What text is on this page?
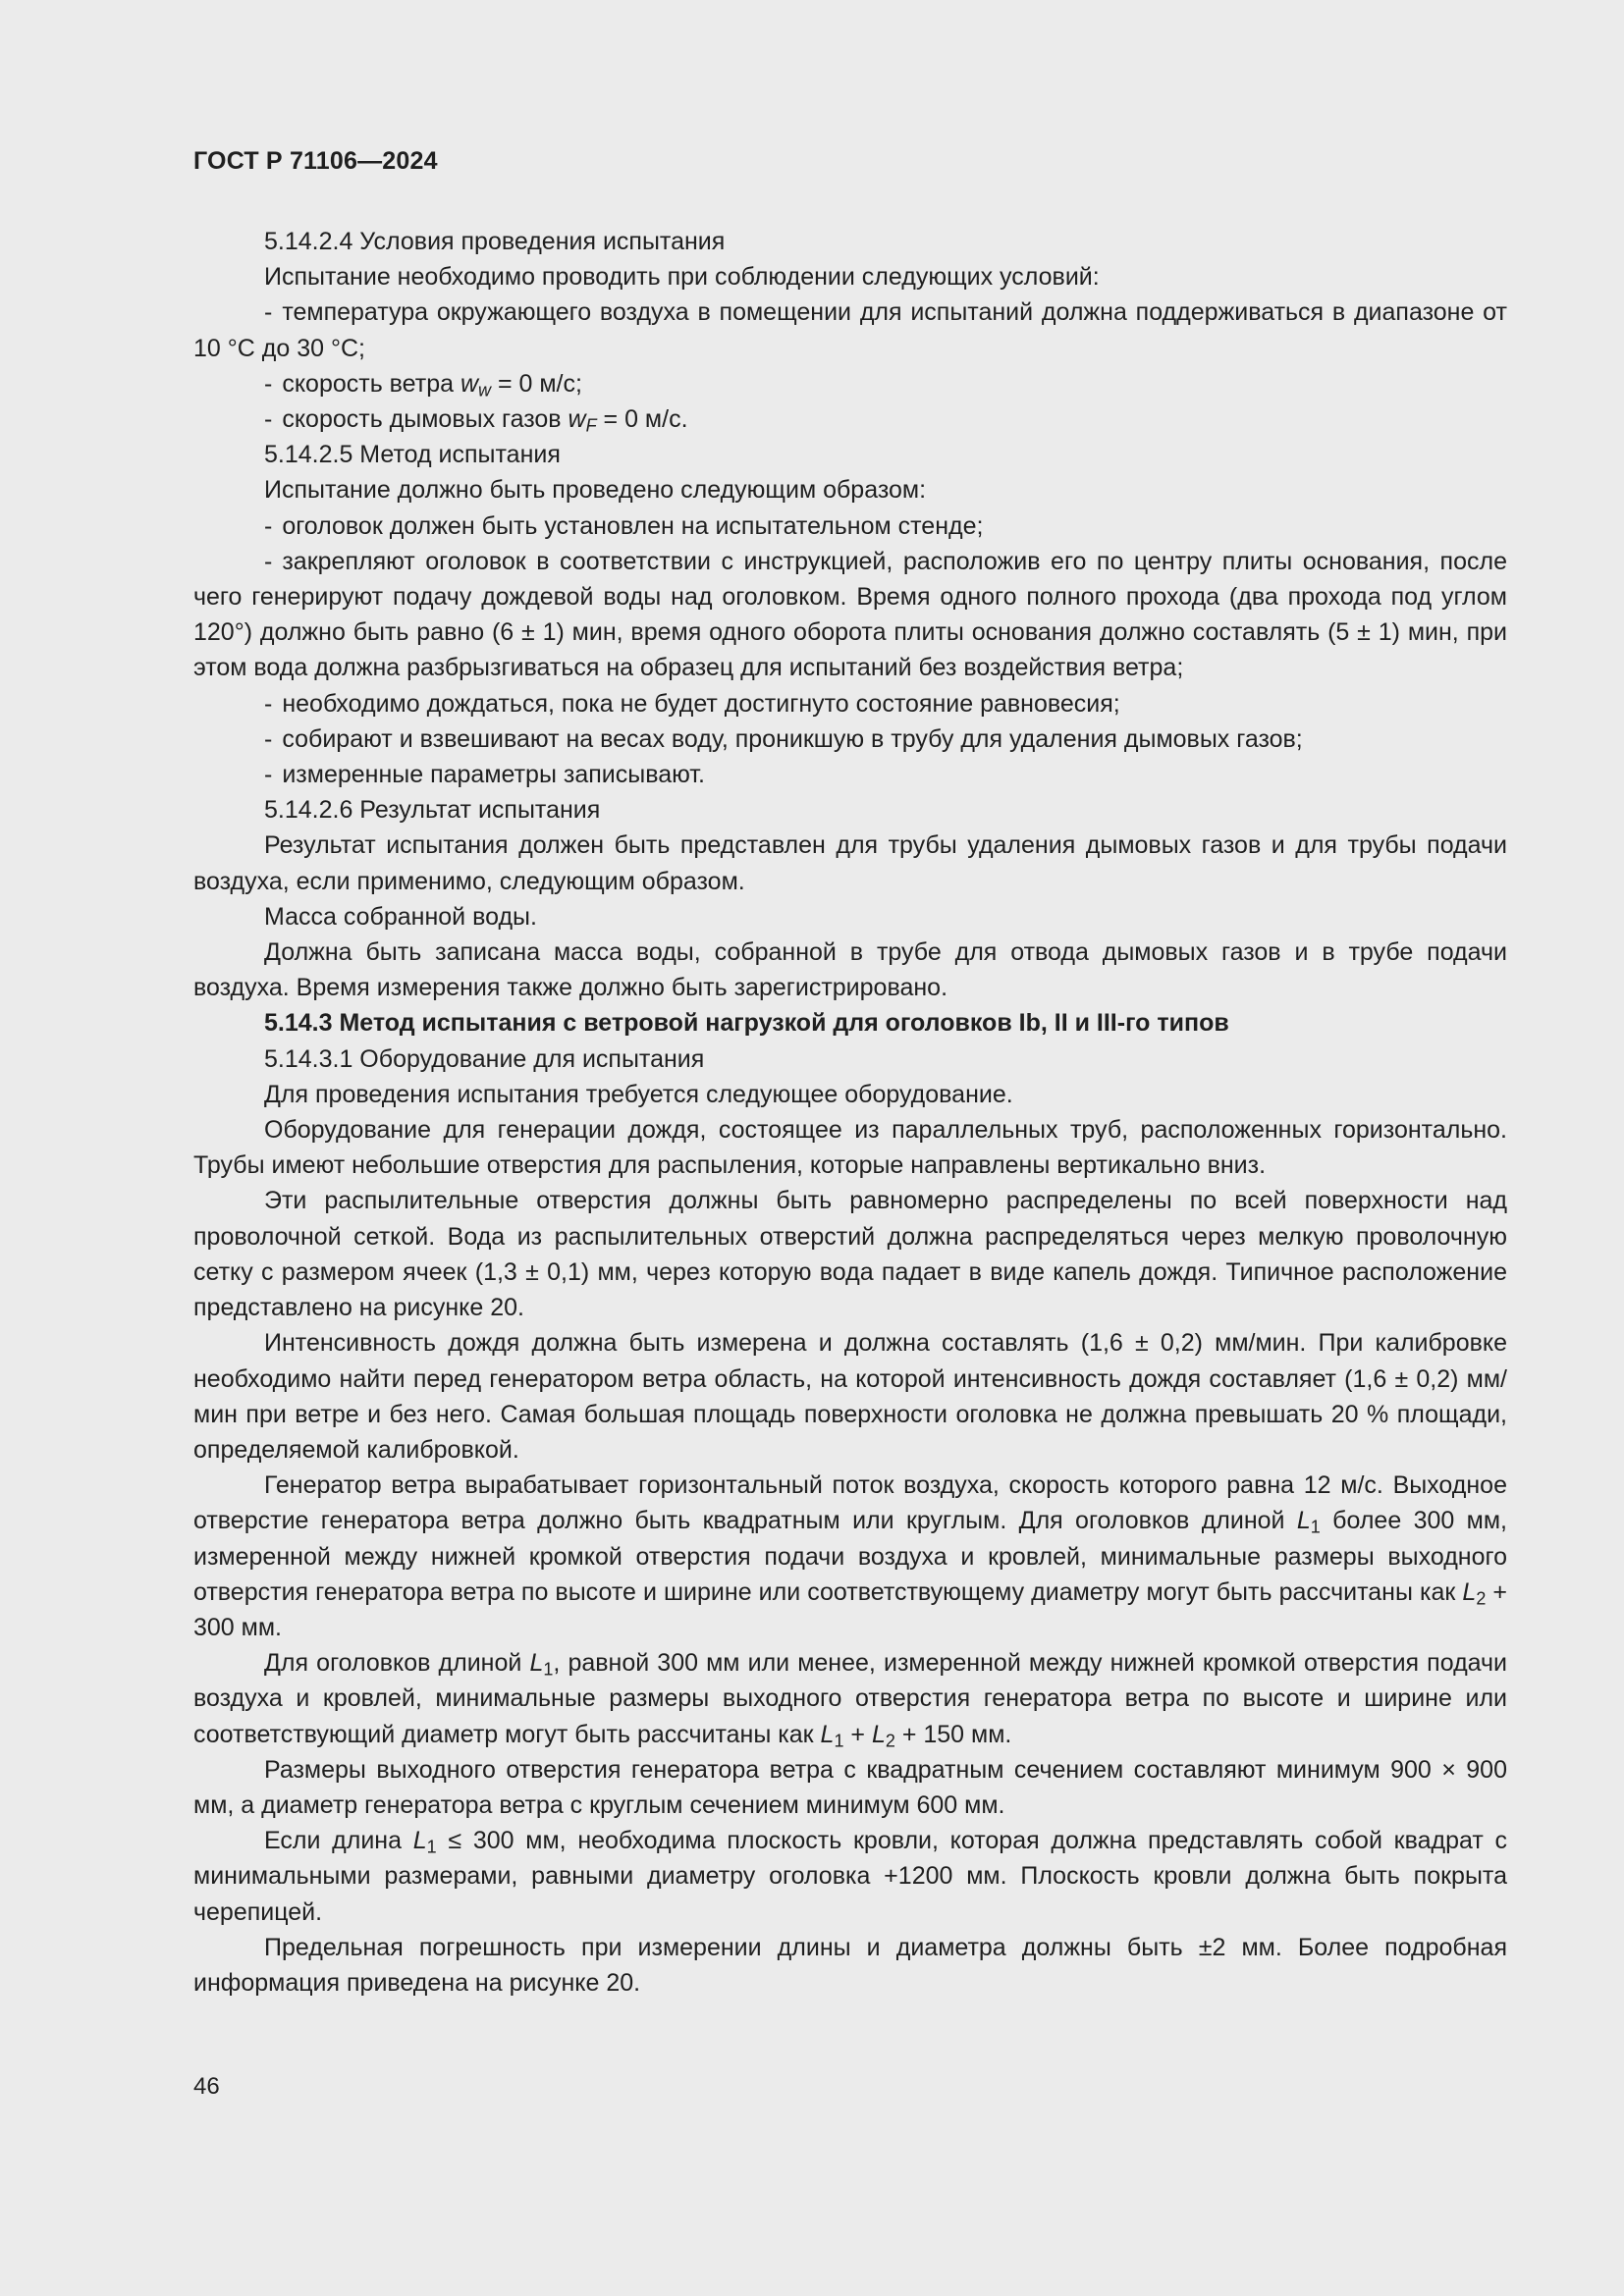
ГОСТ Р 71106—2024

5.14.2.4 Условия проведения испытания

Испытание необходимо проводить при соблюдении следующих условий:

- температура окружающего воздуха в помещении для испытаний должна поддерживаться в диапазоне от 10 °C до 30 °C;

- скорость ветра $w_w = 0$ м/с;

- скорость дымовых газов $w_F = 0$ м/с.

5.14.2.5 Метод испытания

Испытание должно быть проведено следующим образом:

- оголовок должен быть установлен на испытательном стенде;

- закрепляют оголовок в соответствии с инструкцией, расположив его по центру плиты основания, после чего генерируют подачу дождевой воды над оголовком. Время одного полного прохода (два прохода под углом 120°) должно быть равно (6 ± 1) мин, время одного оборота плиты основания должно составлять (5 ± 1) мин, при этом вода должна разбрызгиваться на образец для испытаний без воздействия ветра;

- необходимо дождаться, пока не будет достигнуто состояние равновесия;

- собирают и взвешивают на весах воду, проникшую в трубу для удаления дымовых газов;

- измеренные параметры записывают.

5.14.2.6 Результат испытания

Результат испытания должен быть представлен для трубы удаления дымовых газов и для трубы подачи воздуха, если применимо, следующим образом.

Масса собранной воды.

Должна быть записана масса воды, собранной в трубе для отвода дымовых газов и в трубе подачи воздуха. Время измерения также должно быть зарегистрировано.

5.14.3 Метод испытания с ветровой нагрузкой для оголовков Ib, II и III-го типов

5.14.3.1 Оборудование для испытания

Для проведения испытания требуется следующее оборудование.

Оборудование для генерации дождя, состоящее из параллельных труб, расположенных горизонтально. Трубы имеют небольшие отверстия для распыления, которые направлены вертикально вниз.

Эти распылительные отверстия должны быть равномерно распределены по всей поверхности над проволочной сеткой. Вода из распылительных отверстий должна распределяться через мелкую проволочную сетку с размером ячеек (1,3 ± 0,1) мм, через которую вода падает в виде капель дождя. Типичное расположение представлено на рисунке 20.

Интенсивность дождя должна быть измерена и должна составлять (1,6 ± 0,2) мм/мин. При калибровке необходимо найти перед генератором ветра область, на которой интенсивность дождя составляет (1,6 ± 0,2) мм/мин при ветре и без него. Самая большая площадь поверхности оголовка не должна превышать 20 % площади, определяемой калибровкой.

Генератор ветра вырабатывает горизонтальный поток воздуха, скорость которого равна 12 м/с. Выходное отверстие генератора ветра должно быть квадратным или круглым. Для оголовков длиной $L_1$ более 300 мм, измеренной между нижней кромкой отверстия подачи воздуха и кровлей, минимальные размеры выходного отверстия генератора ветра по высоте и ширине или соответствующему диаметру могут быть рассчитаны как $L_2 + 300$ мм.

Для оголовков длиной $L_1$, равной 300 мм или менее, измеренной между нижней кромкой отверстия подачи воздуха и кровлей, минимальные размеры выходного отверстия генератора ветра по высоте и ширине или соответствующий диаметр могут быть рассчитаны как $L_1 + L_2 + 150$ мм.

Размеры выходного отверстия генератора ветра с квадратным сечением составляют минимум 900 × 900 мм, а диаметр генератора ветра с круглым сечением минимум 600 мм.

Если длина $L_1 \le 300$ мм, необходима плоскость кровли, которая должна представлять собой квадрат с минимальными размерами, равными диаметру оголовка +1200 мм. Плоскость кровли должна быть покрыта черепицей.

Предельная погрешность при измерении длины и диаметра должны быть ±2 мм. Более подробная информация приведена на рисунке 20.

46
